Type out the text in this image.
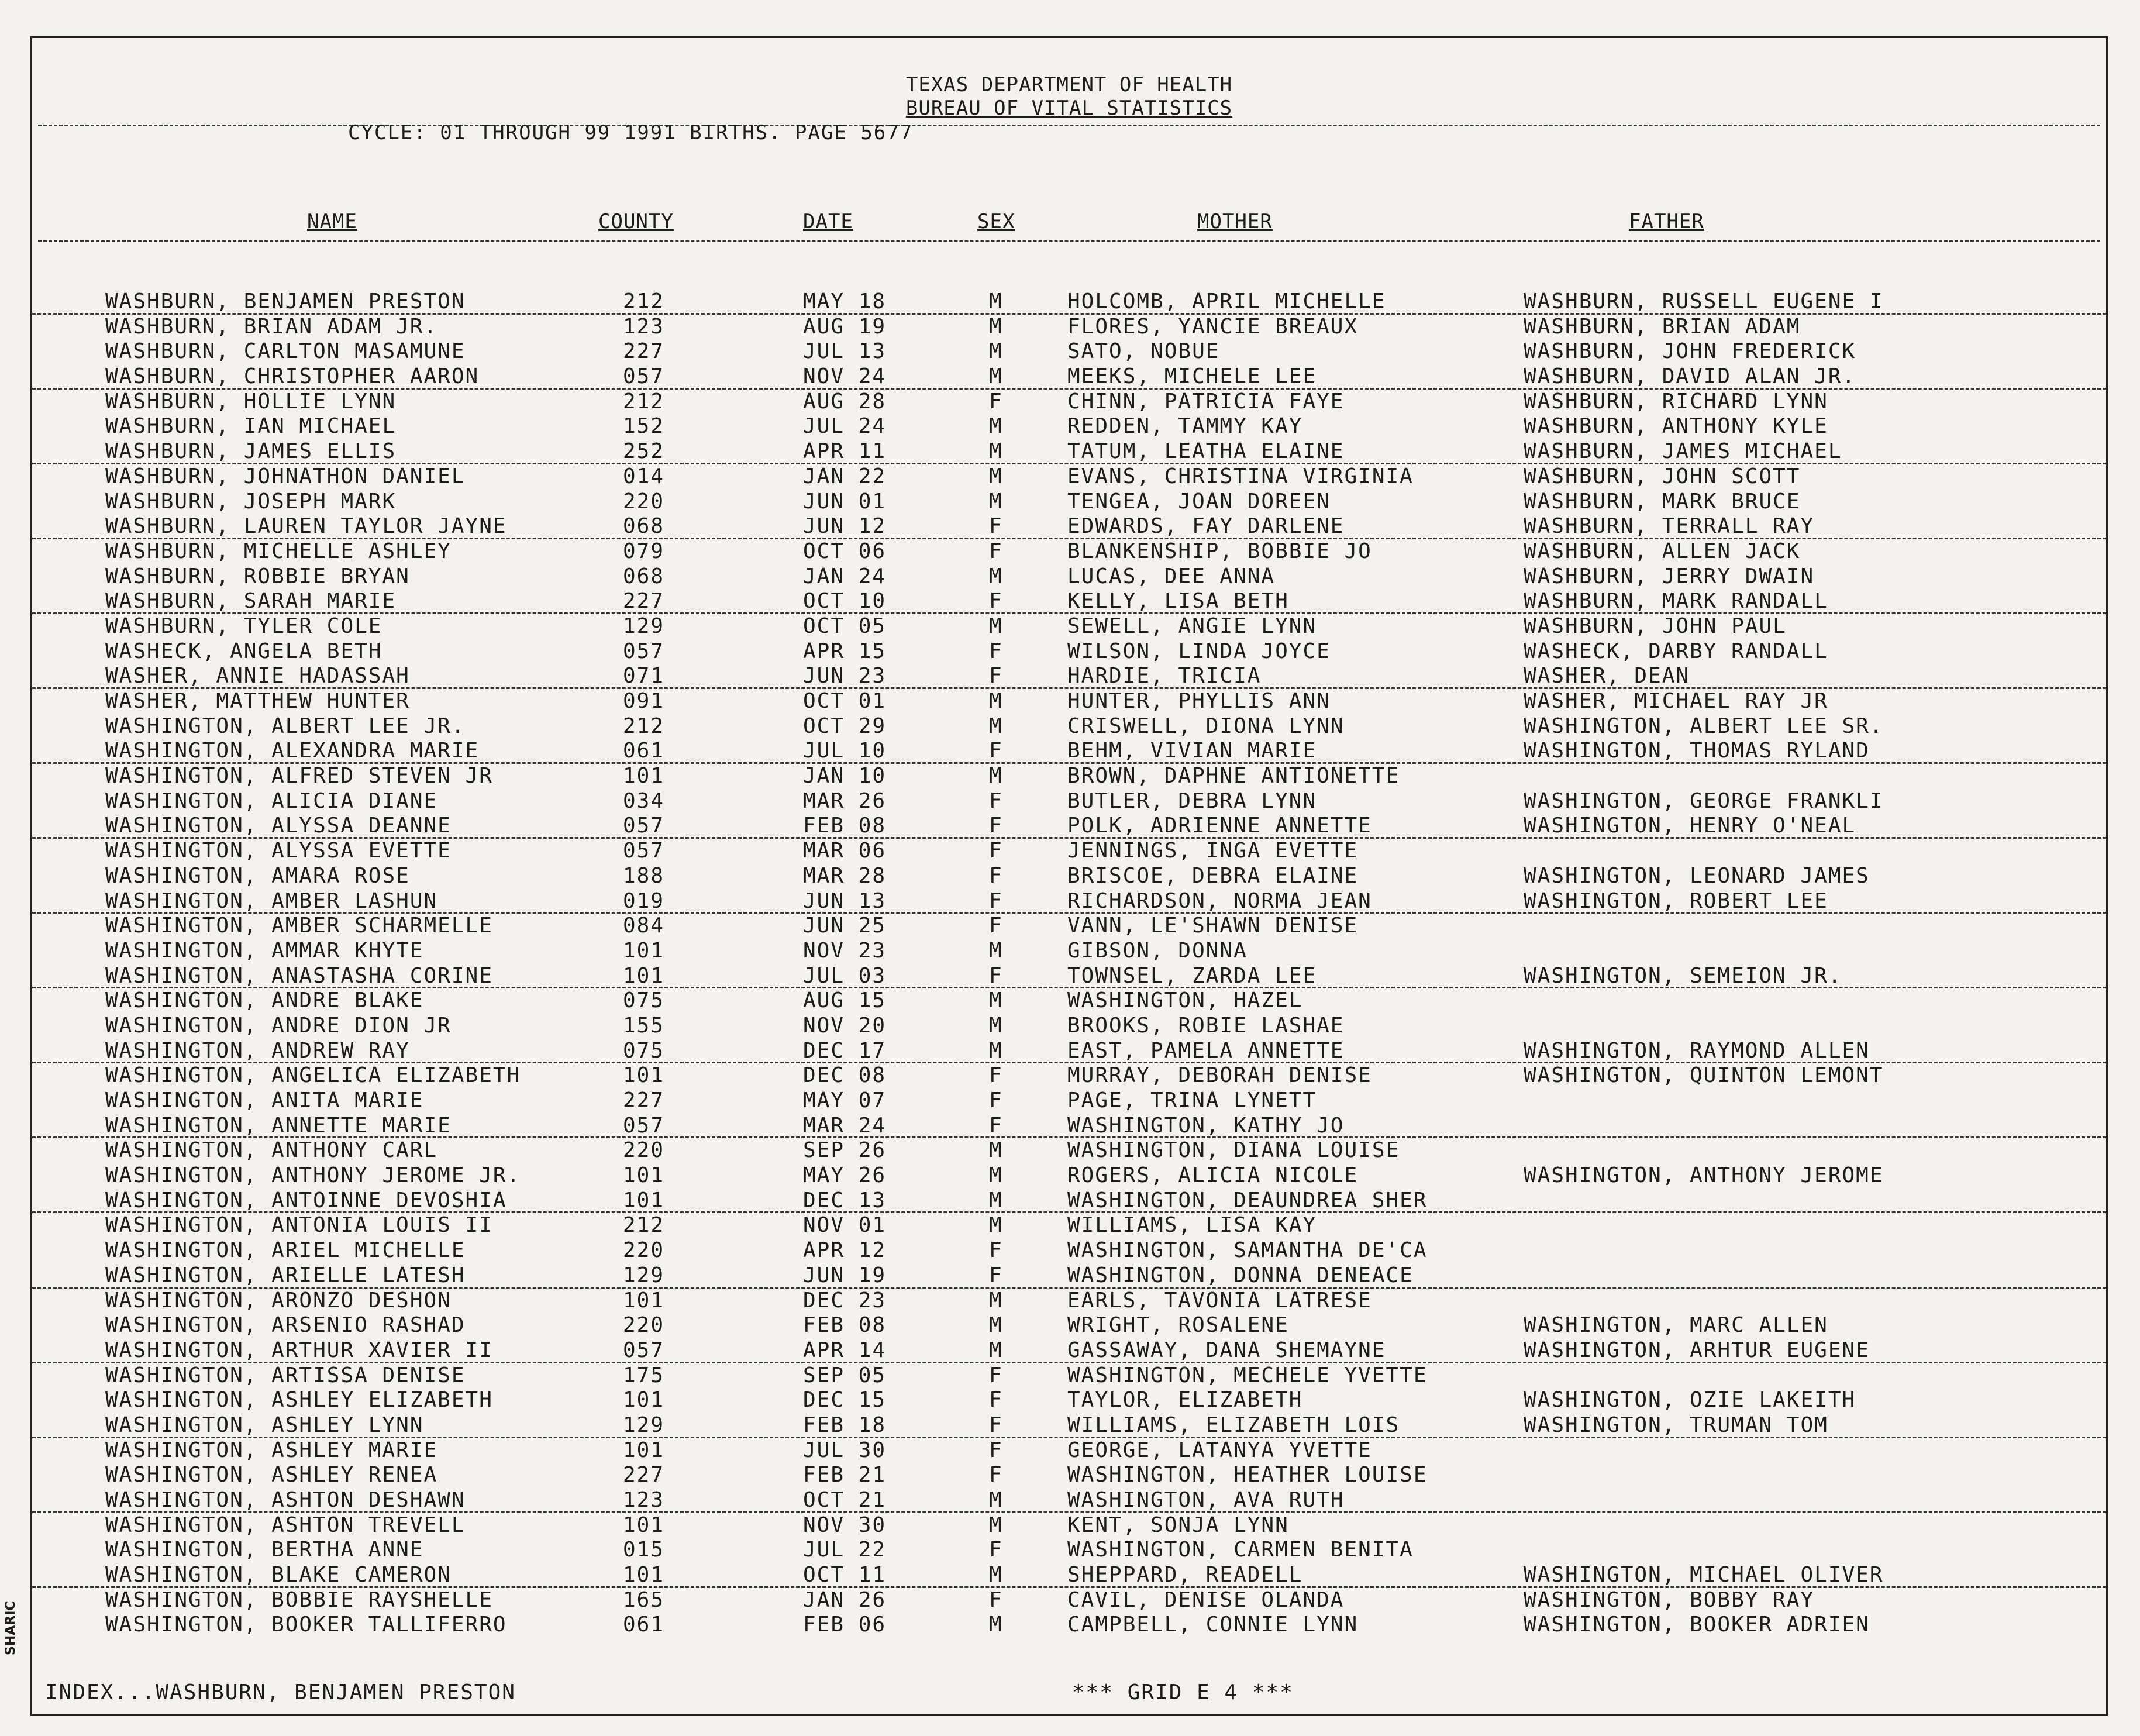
TEXAS DEPARTMENT OF HEALTH
BUREAU OF VITAL STATISTICS
CYCLE: 01 THROUGH 99 1991 BIRTHS. PAGE 5677
NAME	COUNTY	DATE	SEX	MOTHER	FATHER
WASHBURN, BENJAMEN PRESTON	212	MAY 18	M	HOLCOMB, APRIL MICHELLE	WASHBURN, RUSSELL EUGENE I
WASHBURN, BRIAN ADAM JR.	123	AUG 19	M	FLORES, YANCIE BREAUX	WASHBURN, BRIAN ADAM
WASHBURN, CARLTON MASAMUNE	227	JUL 13	M	SATO, NOBUE	WASHBURN, JOHN FREDERICK
WASHBURN, CHRISTOPHER AARON	057	NOV 24	M	MEEKS, MICHELE LEE	WASHBURN, DAVID ALAN JR.
WASHBURN, HOLLIE LYNN	212	AUG 28	F	CHINN, PATRICIA FAYE	WASHBURN, RICHARD LYNN
WASHBURN, IAN MICHAEL	152	JUL 24	M	REDDEN, TAMMY KAY	WASHBURN, ANTHONY KYLE
WASHBURN, JAMES ELLIS	252	APR 11	M	TATUM, LEATHA ELAINE	WASHBURN, JAMES MICHAEL
WASHBURN, JOHNATHON DANIEL	014	JAN 22	M	EVANS, CHRISTINA VIRGINIA	WASHBURN, JOHN SCOTT
WASHBURN, JOSEPH MARK	220	JUN 01	M	TENGEA, JOAN DOREEN	WASHBURN, MARK BRUCE
WASHBURN, LAUREN TAYLOR JAYNE	068	JUN 12	F	EDWARDS, FAY DARLENE	WASHBURN, TERRALL RAY
WASHBURN, MICHELLE ASHLEY	079	OCT 06	F	BLANKENSHIP, BOBBIE JO	WASHBURN, ALLEN JACK
WASHBURN, ROBBIE BRYAN	068	JAN 24	M	LUCAS, DEE ANNA	WASHBURN, JERRY DWAIN
WASHBURN, SARAH MARIE	227	OCT 10	F	KELLY, LISA BETH	WASHBURN, MARK RANDALL
WASHBURN, TYLER COLE	129	OCT 05	M	SEWELL, ANGIE LYNN	WASHBURN, JOHN PAUL
WASHECK, ANGELA BETH	057	APR 15	F	WILSON, LINDA JOYCE	WASHECK, DARBY RANDALL
WASHER, ANNIE HADASSAH	071	JUN 23	F	HARDIE, TRICIA	WASHER, DEAN
WASHER, MATTHEW HUNTER	091	OCT 01	M	HUNTER, PHYLLIS ANN	WASHER, MICHAEL RAY JR
WASHINGTON, ALBERT LEE JR.	212	OCT 29	M	CRISWELL, DIONA LYNN	WASHINGTON, ALBERT LEE SR.
WASHINGTON, ALEXANDRA MARIE	061	JUL 10	F	BEHM, VIVIAN MARIE	WASHINGTON, THOMAS RYLAND
WASHINGTON, ALFRED STEVEN JR	101	JAN 10	M	BROWN, DAPHNE ANTIONETTE
WASHINGTON, ALICIA DIANE	034	MAR 26	F	BUTLER, DEBRA LYNN	WASHINGTON, GEORGE FRANKLI
WASHINGTON, ALYSSA DEANNE	057	FEB 08	F	POLK, ADRIENNE ANNETTE	WASHINGTON, HENRY O'NEAL
WASHINGTON, ALYSSA EVETTE	057	MAR 06	F	JENNINGS, INGA EVETTE
WASHINGTON, AMARA ROSE	188	MAR 28	F	BRISCOE, DEBRA ELAINE	WASHINGTON, LEONARD JAMES
WASHINGTON, AMBER LASHUN	019	JUN 13	F	RICHARDSON, NORMA JEAN	WASHINGTON, ROBERT LEE
WASHINGTON, AMBER SCHARMELLE	084	JUN 25	F	VANN, LE'SHAWN DENISE
WASHINGTON, AMMAR KHYTE	101	NOV 23	M	GIBSON, DONNA
WASHINGTON, ANASTASHA CORINE	101	JUL 03	F	TOWNSEL, ZARDA LEE	WASHINGTON, SEMEION JR.
WASHINGTON, ANDRE BLAKE	075	AUG 15	M	WASHINGTON, HAZEL
WASHINGTON, ANDRE DION JR	155	NOV 20	M	BROOKS, ROBIE LASHAE
WASHINGTON, ANDREW RAY	075	DEC 17	M	EAST, PAMELA ANNETTE	WASHINGTON, RAYMOND ALLEN
WASHINGTON, ANGELICA ELIZABETH	101	DEC 08	F	MURRAY, DEBORAH DENISE	WASHINGTON, QUINTON LEMONT
WASHINGTON, ANITA MARIE	227	MAY 07	F	PAGE, TRINA LYNETT
WASHINGTON, ANNETTE MARIE	057	MAR 24	F	WASHINGTON, KATHY JO
WASHINGTON, ANTHONY CARL	220	SEP 26	M	WASHINGTON, DIANA LOUISE
WASHINGTON, ANTHONY JEROME JR.	101	MAY 26	M	ROGERS, ALICIA NICOLE	WASHINGTON, ANTHONY JEROME
WASHINGTON, ANTOINNE DEVOSHIA	101	DEC 13	M	WASHINGTON, DEAUNDREA SHER
WASHINGTON, ANTONIA LOUIS II	212	NOV 01	M	WILLIAMS, LISA KAY
WASHINGTON, ARIEL MICHELLE	220	APR 12	F	WASHINGTON, SAMANTHA DE'CA
WASHINGTON, ARIELLE LATESH	129	JUN 19	F	WASHINGTON, DONNA DENEACE
WASHINGTON, ARONZO DESHON	101	DEC 23	M	EARLS, TAVONIA LATRESE
WASHINGTON, ARSENIO RASHAD	220	FEB 08	M	WRIGHT, ROSALENE	WASHINGTON, MARC ALLEN
WASHINGTON, ARTHUR XAVIER II	057	APR 14	M	GASSAWAY, DANA SHEMAYNE	WASHINGTON, ARHTUR EUGENE
WASHINGTON, ARTISSA DENISE	175	SEP 05	F	WASHINGTON, MECHELE YVETTE
WASHINGTON, ASHLEY ELIZABETH	101	DEC 15	F	TAYLOR, ELIZABETH	WASHINGTON, OZIE LAKEITH
WASHINGTON, ASHLEY LYNN	129	FEB 18	F	WILLIAMS, ELIZABETH LOIS	WASHINGTON, TRUMAN TOM
WASHINGTON, ASHLEY MARIE	101	JUL 30	F	GEORGE, LATANYA YVETTE
WASHINGTON, ASHLEY RENEA	227	FEB 21	F	WASHINGTON, HEATHER LOUISE
WASHINGTON, ASHTON DESHAWN	123	OCT 21	M	WASHINGTON, AVA RUTH
WASHINGTON, ASHTON TREVELL	101	NOV 30	M	KENT, SONJA LYNN
WASHINGTON, BERTHA ANNE	015	JUL 22	F	WASHINGTON, CARMEN BENITA
WASHINGTON, BLAKE CAMERON	101	OCT 11	M	SHEPPARD, READELL	WASHINGTON, MICHAEL OLIVER
WASHINGTON, BOBBIE RAYSHELLE	165	JAN 26	F	CAVIL, DENISE OLANDA	WASHINGTON, BOBBY RAY
WASHINGTON, BOOKER TALLIFERRO	061	FEB 06	M	CAMPBELL, CONNIE LYNN	WASHINGTON, BOOKER ADRIEN
INDEX...WASHBURN, BENJAMEN PRESTON	*** GRID E 4 ***
SHARIC
